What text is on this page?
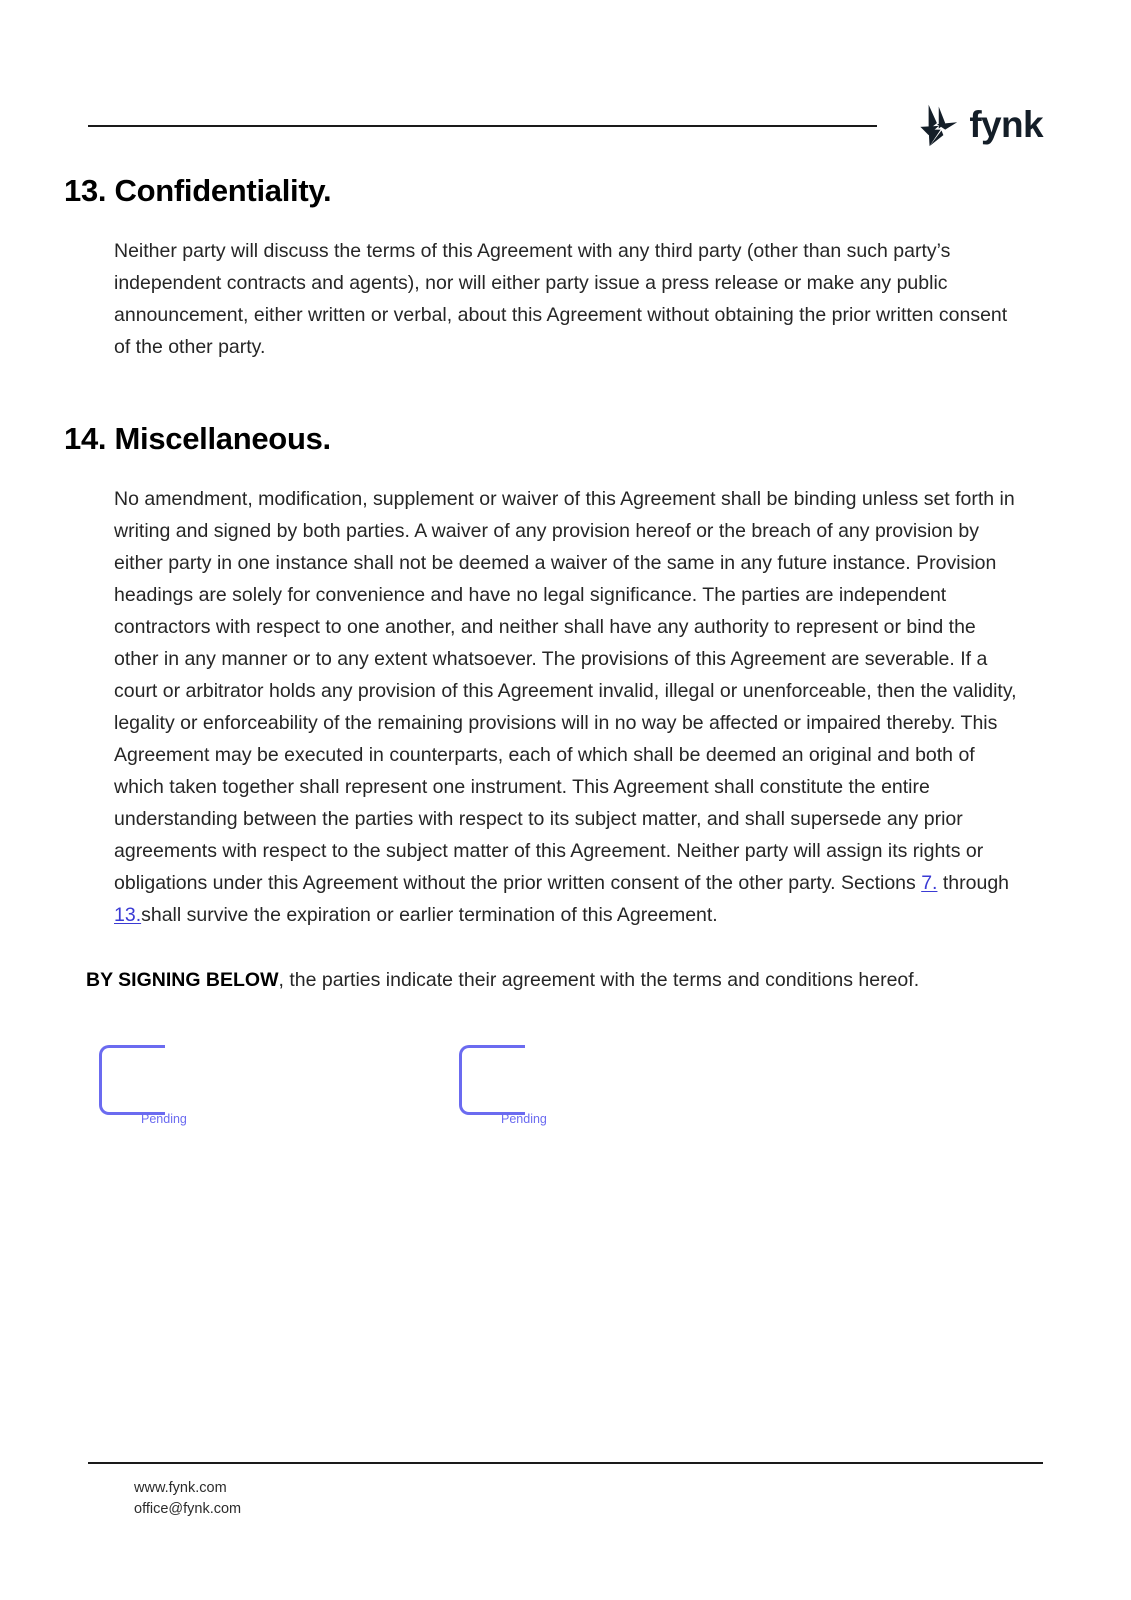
fynk
13. Confidentiality.

Neither party will discuss the terms of this Agreement with any third party (other than such party’s independent contracts and agents), nor will either party issue a press release or make any public announcement, either written or verbal, about this Agreement without obtaining the prior written consent of the other party.

14. Miscellaneous.

No amendment, modification, supplement or waiver of this Agreement shall be binding unless set forth in writing and signed by both parties. A waiver of any provision hereof or the breach of any provision by either party in one instance shall not be deemed a waiver of the same in any future instance. Provision headings are solely for convenience and have no legal significance. The parties are independent contractors with respect to one another, and neither shall have any authority to represent or bind the other in any manner or to any extent whatsoever. The provisions of this Agreement are severable. If a court or arbitrator holds any provision of this Agreement invalid, illegal or unenforceable, then the validity, legality or enforceability of the remaining provisions will in no way be affected or impaired thereby. This Agreement may be executed in counterparts, each of which shall be deemed an original and both of which taken together shall represent one instrument. This Agreement shall constitute the entire understanding between the parties with respect to its subject matter, and shall supersede any prior agreements with respect to the subject matter of this Agreement. Neither party will assign its rights or obligations under this Agreement without the prior written consent of the other party. Sections 7. through 13.shall survive the expiration or earlier termination of this Agreement.

BY SIGNING BELOW, the parties indicate their agreement with the terms and conditions hereof.

Pending	Pending
www.fynk.com
office@fynk.com
